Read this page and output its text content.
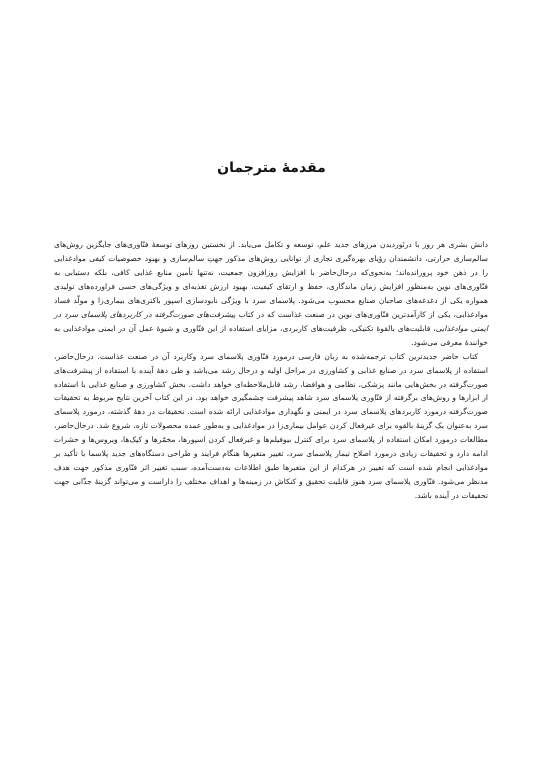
مقدمهٔ مترجمان

دانش بشری هر روز با درنَوردیدن مرزهای جدید علم، توسعه و تکامل می‌یابد. از نخستین روزهای توسعهٔ فنّاوری‌های جایگزین روش‌های سالم‌سازی حرارتی، دانشمندان رؤیای بهره‌گیری تجاری از توانایی روش‌های مذکور جهتِ سالم‌سازی و بهبود خصوصیات کیفی موادغذایی را در ذهن خود پرورانده‌اند؛ به‌نحوی‌که درحال‌حاضر با افزایش روزافزون جمعیت، نه‌تنها تأمین منابع غذایی کافی، بلکه دستیابی به فنّاوری‌های نوین به‌منظور افزایش زمان ماندگاری، حفظ و ارتقای کیفیت، بهبود ارزش تغذیه‌ای و ویژگی‌های حسی فراورده‌های تولیدی همواره یکی از دغدغه‌های صاحبان صنایع محسوب می‌شود. پلاسمای سرد با ویژگی نابودسازی اسپور باکتری‌های بیماری‌زا و مولّد فساد موادغذایی، یکی از کارآمدترین فنّاوری‌های نوین در صنعت غذاست که در کتاب پیشرفت‌های صورت‌گرفته در کاربردهای پلاسمای سرد در ایمنی موادغذایی، قابلیت‌های بالقوهٔ تکنیکی، ظرفیت‌های کاربردی، مزایای استفاده از این فنّاوری و شیوهٔ عمل آن در ایمنی موادغذایی به خوانندهٔ معرفی می‌شود.

کتاب حاضر جدیدترین کتاب ترجمه‌شده به زبان فارسی درمورد فنّاوری پلاسمای سرد وکاربرد آن در صنعت غذاست. درحال‌حاضر، استفاده از پلاسمای سرد در صنایع غذایی و کشاورزی در مراحل اولیه و درحال رشد می‌باشد و طی دههٔ آینده با استفاده از پیشرفت‌های صورت‌گرفته در بخش‌هایی مانند پزشکی، نظامی و هوافضا، رشد قابل‌ملاحظه‌ای خواهد داشت. بخش کشاورزی و صنایع غذایی با استفاده از ابزارها و روش‌های برگرفته از فنّاوری پلاسمای سرد شاهد پیشرفت چشمگیری خواهد بود. در این کتاب آخرین نتایج مربوط به تحقیقات صورت‌گرفته درمورد کاربردهای پلاسمای سرد در ایمنی و نگهداری موادغذایی ارائه شده است. تحقیقات در دههٔ گذشته، درمورد پلاسمای سرد به‌عنوان یک گزینهٔ بالقوه برای غیرفعال کردن عوامل بیماری‌زا در موادغذایی و به‌طور عمده محصولات تازه، شروع شد. درحال‌حاضر، مطالعات درمورد امکان استفاده از پلاسمای سرد برای کنترل بیوفیلم‌ها و غیرفعال کردن اسپورها، مخمّرها و کپک‌ها، ویروس‌ها و حشرات ادامه دارد و تحقیقات زیادی درمورد اصلاح تیمار پلاسمای سرد، تغییر متغیرها هنگام فرایند و طراحی دستگاه‌های جدید پلاسما با تأکید بر موادغذایی انجام شده است که تغییر در هرکدام از این متغیرها طبق اطلاعات به‌دست‌آمده، سبب تغییر اثر فنّاوری مذکور جهت هدف مدنظر می‌شود. فنّاوری پلاسمای سرد هنوز قابلیت تحقیق و کنکاش در زمینه‌ها و اهداف مختلف را داراست و می‌تواند گزینهٔ جذّابی جهت تحقیقات در آینده باشد.
